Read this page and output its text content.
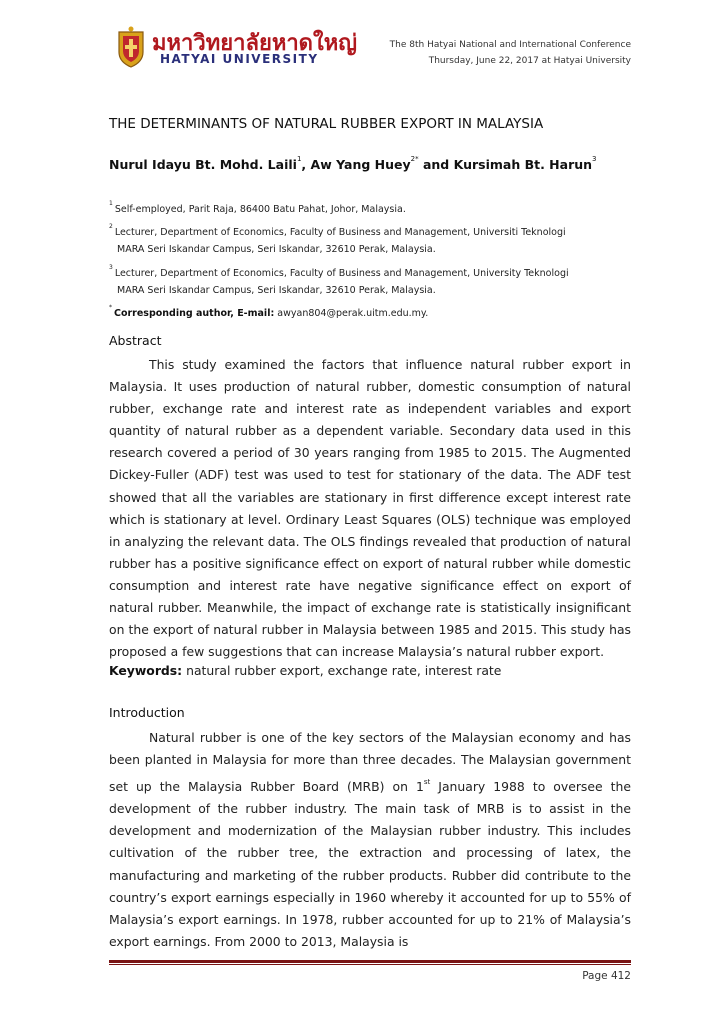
มหาวิทยาลัยหาดใหญ่
HATYAI UNIVERSITY
The 8th Hatyai National and International Conference
Thursday, June 22, 2017 at Hatyai University
THE DETERMINANTS OF NATURAL RUBBER EXPORT IN MALAYSIA
Nurul Idayu Bt. Mohd. Laili$^1$, Aw Yang Huey$^{2*}$ and Kursimah Bt. Harun$^3$
$^1$Self-employed, Parit Raja, 86400 Batu Pahat, Johor, Malaysia.
$^2$Lecturer, Department of Economics, Faculty of Business and Management, Universiti Teknologi
MARA Seri Iskandar Campus, Seri Iskandar, 32610 Perak, Malaysia.
$^3$Lecturer, Department of Economics, Faculty of Business and Management, University Teknologi
MARA Seri Iskandar Campus, Seri Iskandar, 32610 Perak, Malaysia.
*Corresponding author, E-mail: awyan804@perak.uitm.edu.my.
Abstract
This study examined the factors that influence natural rubber export in Malaysia. It uses production of natural rubber, domestic consumption of natural rubber, exchange rate and interest rate as independent variables and export quantity of natural rubber as a dependent variable. Secondary data used in this research covered a period of 30 years ranging from 1985 to 2015. The Augmented Dickey-Fuller (ADF) test was used to test for stationary of the data. The ADF test showed that all the variables are stationary in first difference except interest rate which is stationary at level. Ordinary Least Squares (OLS) technique was employed in analyzing the relevant data. The OLS findings revealed that production of natural rubber has a positive significance effect on export of natural rubber while domestic consumption and interest rate have negative significance effect on export of natural rubber. Meanwhile, the impact of exchange rate is statistically insignificant on the export of natural rubber in Malaysia between 1985 and 2015. This study has proposed a few suggestions that can increase Malaysia’s natural rubber export.
Keywords: natural rubber export, exchange rate, interest rate
Introduction
Natural rubber is one of the key sectors of the Malaysian economy and has been planted in Malaysia for more than three decades. The Malaysian government set up the Malaysia Rubber Board (MRB) on 1st January 1988 to oversee the development of the rubber industry. The main task of MRB is to assist in the development and modernization of the Malaysian rubber industry. This includes cultivation of the rubber tree, the extraction and processing of latex, the manufacturing and marketing of the rubber products. Rubber did contribute to the country’s export earnings especially in 1960 whereby it accounted for up to 55% of Malaysia’s export earnings. In 1978, rubber accounted for up to 21% of Malaysia’s export earnings. From 2000 to 2013, Malaysia is
Page 412
